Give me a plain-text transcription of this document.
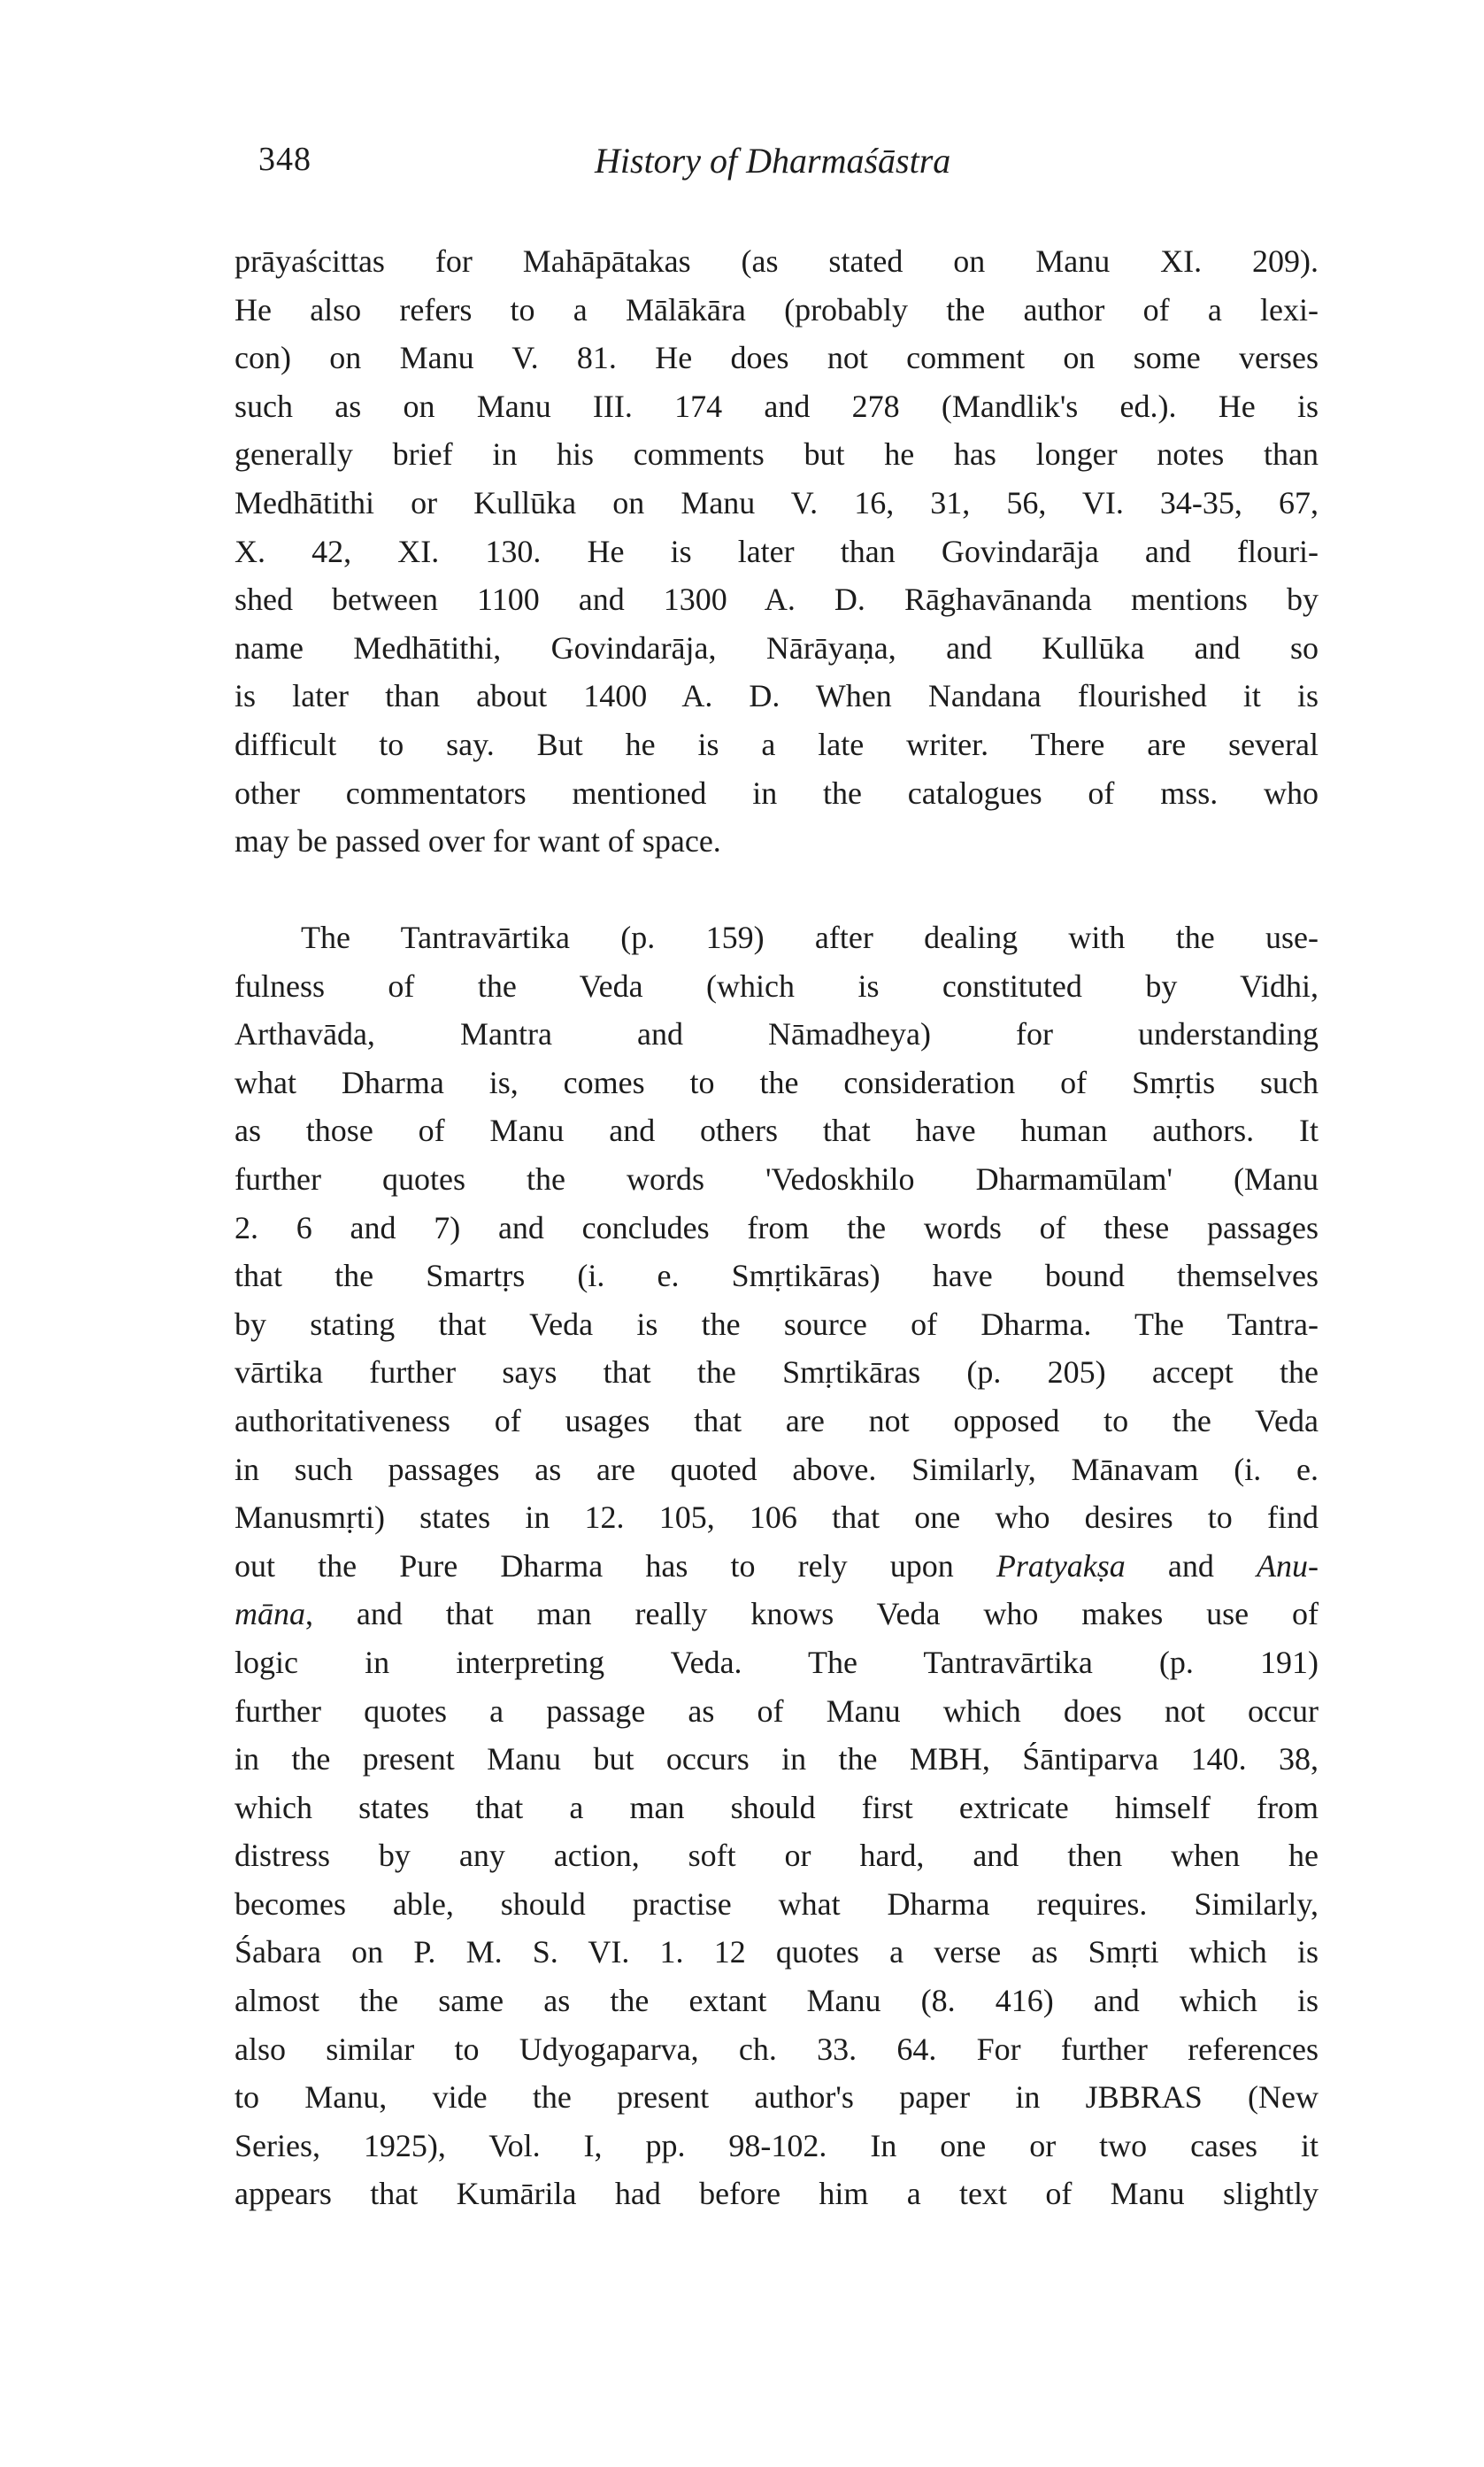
348	History of Dharmaśāstra

prāyaścittas for Mahāpātakas (as stated on Manu XI. 209).
He also refers to a Mālākāra (probably the author of a lexi-
con) on Manu V. 81. He does not comment on some verses
such as on Manu III. 174 and 278 (Mandlik's ed.). He is
generally brief in his comments but he has longer notes than
Medhātithi or Kullūka on Manu V. 16, 31, 56, VI. 34-35, 67,
X. 42, XI. 130. He is later than Govindarāja and flouri-
shed between 1100 and 1300 A. D. Rāghavānanda mentions by
name Medhātithi, Govindarāja, Nārāyaṇa, and Kullūka and so
is later than about 1400 A. D. When Nandana flourished it is
difficult to say. But he is a late writer. There are several
other commentators mentioned in the catalogues of mss. who
may be passed over for want of space.

The Tantravārtika (p. 159) after dealing with the use-
fulness of the Veda (which is constituted by Vidhi,
Arthavāda, Mantra and Nāmadheya) for understanding
what Dharma is, comes to the consideration of Smṛtis such
as those of Manu and others that have human authors. It
further quotes the words 'Vedoskhilo Dharmamūlam' (Manu
2. 6 and 7) and concludes from the words of these passages
that the Smartṛs (i. e. Smṛtikāras) have bound themselves
by stating that Veda is the source of Dharma. The Tantra-
vārtika further says that the Smṛtikāras (p. 205) accept the
authoritativeness of usages that are not opposed to the Veda
in such passages as are quoted above. Similarly, Mānavam (i. e.
Manusmṛti) states in 12. 105, 106 that one who desires to find
out the Pure Dharma has to rely upon Pratyakṣa and Anu-
māna, and that man really knows Veda who makes use of
logic in interpreting Veda. The Tantravārtika (p. 191)
further quotes a passage as of Manu which does not occur
in the present Manu but occurs in the MBH, Śāntiparva 140. 38,
which states that a man should first extricate himself from
distress by any action, soft or hard, and then when he
becomes able, should practise what Dharma requires. Similarly,
Śabara on P. M. S. VI. 1. 12 quotes a verse as Smṛti which is
almost the same as the extant Manu (8. 416) and which is
also similar to Udyogaparva, ch. 33. 64. For further references
to Manu, vide the present author's paper in JBBRAS (New
Series, 1925), Vol. I, pp. 98-102. In one or two cases it
appears that Kumārila had before him a text of Manu slightly
